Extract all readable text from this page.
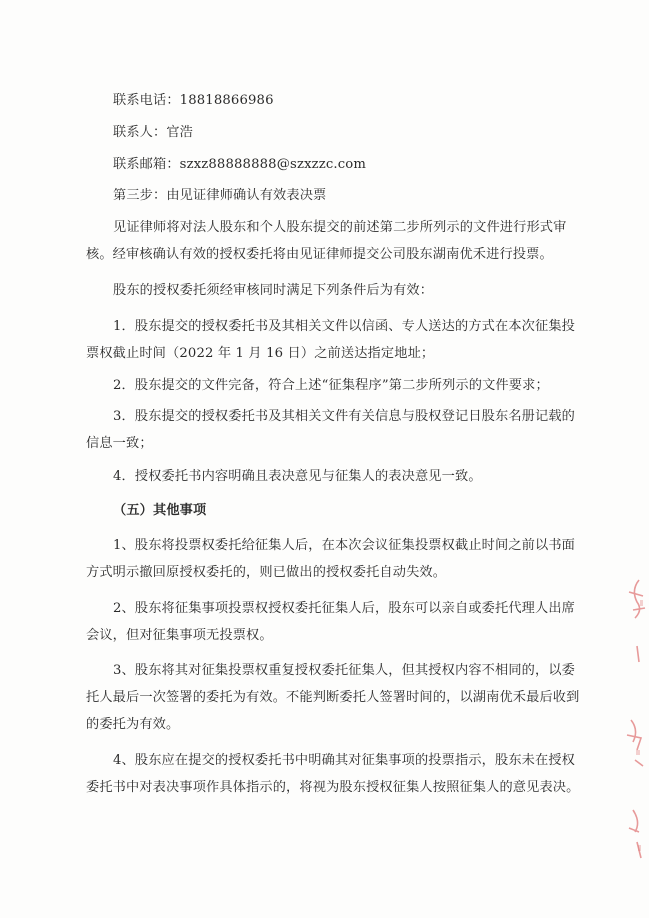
联系电话：18818866986
联系人：官浩
联系邮箱：szxz88888888@szxzzc.com
第三步：由见证律师确认有效表决票
见证律师将对法人股东和个人股东提交的前述第二步所列示的文件进行形式审
核。经审核确认有效的授权委托将由见证律师提交公司股东湖南优禾进行投票。
股东的授权委托须经审核同时满足下列条件后为有效：
1．股东提交的授权委托书及其相关文件以信函、专人送达的方式在本次征集投
票权截止时间（2022 年 1 月 16 日）之前送达指定地址；
2．股东提交的文件完备，符合上述“征集程序”第二步所列示的文件要求；
3．股东提交的授权委托书及其相关文件有关信息与股权登记日股东名册记载的
信息一致；
4．授权委托书内容明确且表决意见与征集人的表决意见一致。
（五）其他事项
1、股东将投票权委托给征集人后，在本次会议征集投票权截止时间之前以书面
方式明示撤回原授权委托的，则已做出的授权委托自动失效。
2、股东将征集事项投票权授权委托征集人后，股东可以亲自或委托代理人出席
会议，但对征集事项无投票权。
3、股东将其对征集投票权重复授权委托征集人，但其授权内容不相同的，以委
托人最后一次签署的委托为有效。不能判断委托人签署时间的，以湖南优禾最后收到
的委托为有效。
4、股东应在提交的授权委托书中明确其对征集事项的投票指示，股东未在授权
委托书中对表决事项作具体指示的，将视为股东授权征集人按照征集人的意见表决。
